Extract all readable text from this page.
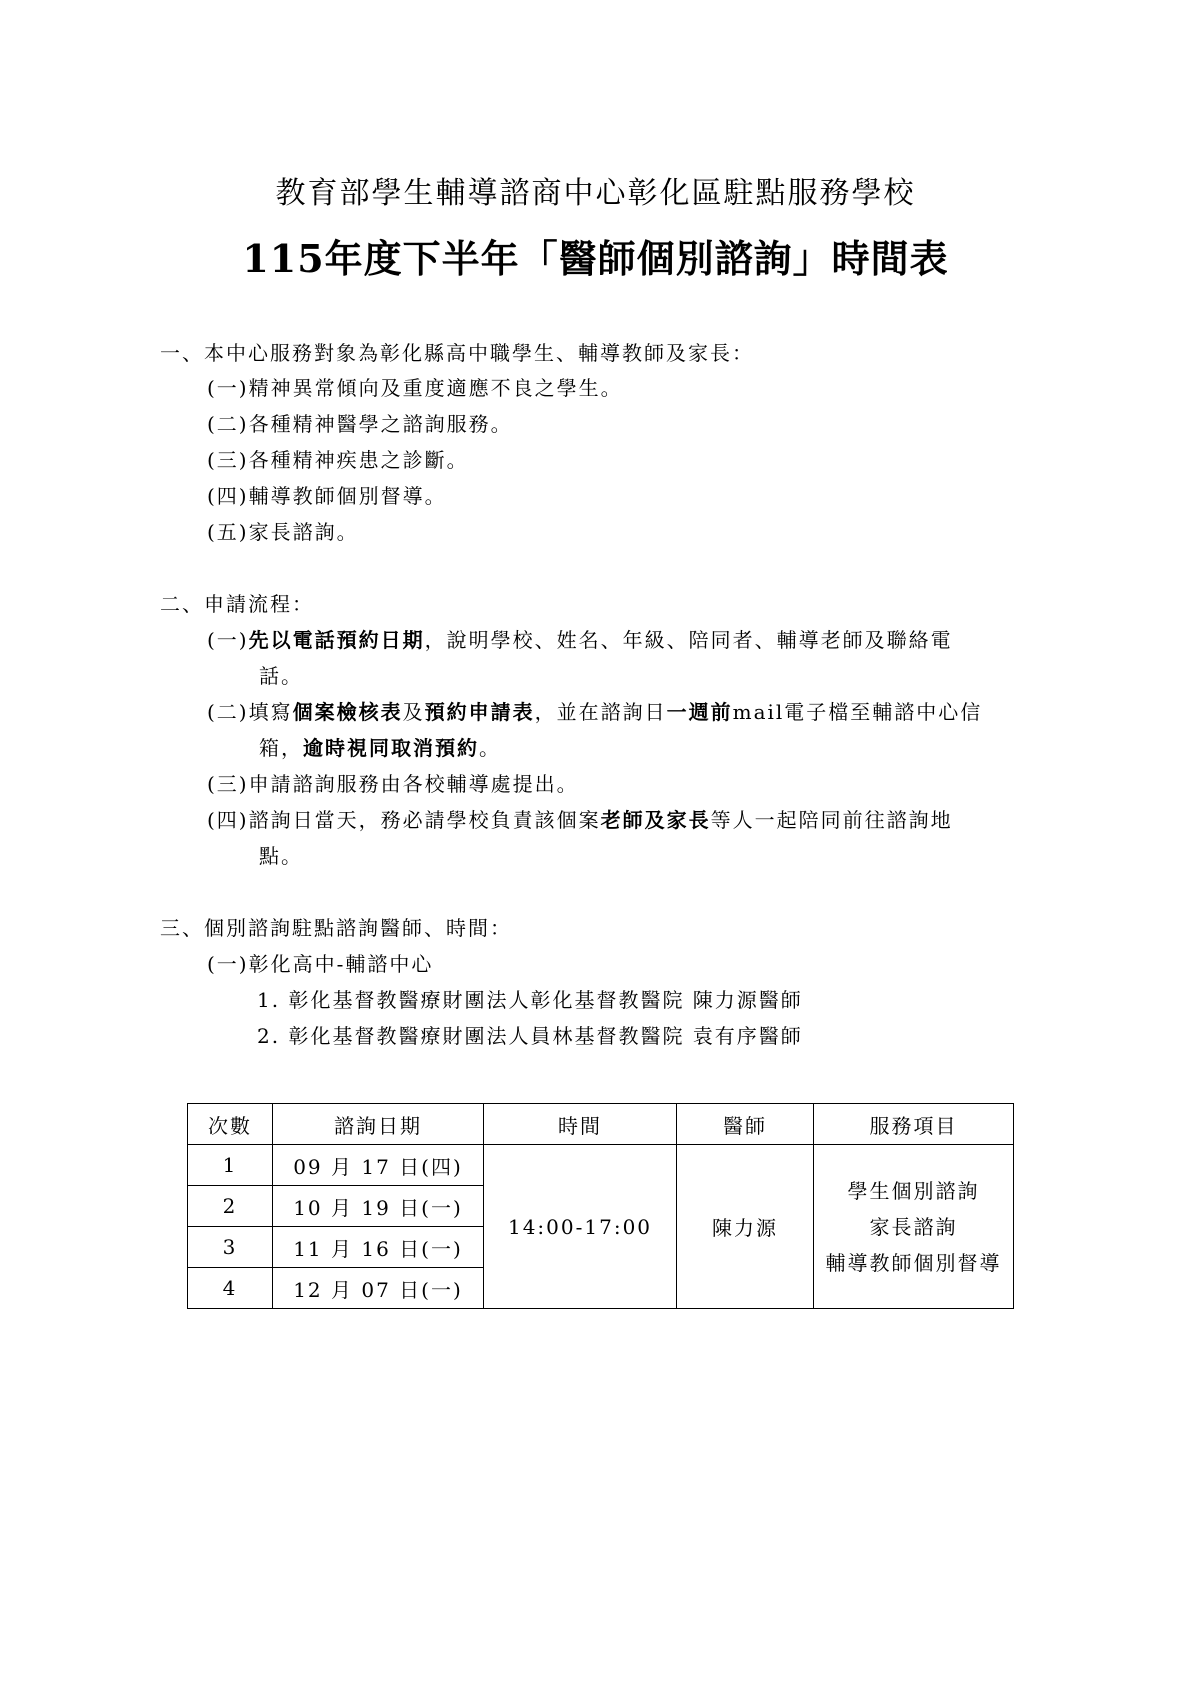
教育部學生輔導諮商中心彰化區駐點服務學校
115年度下半年「醫師個別諮詢」時間表
一、本中心服務對象為彰化縣高中職學生、輔導教師及家長：
(一)精神異常傾向及重度適應不良之學生。
(二)各種精神醫學之諮詢服務。
(三)各種精神疾患之診斷。
(四)輔導教師個別督導。
(五)家長諮詢。
二、申請流程：
(一)先以電話預約日期，說明學校、姓名、年級、陪同者、輔導老師及聯絡電
話。
(二)填寫個案檢核表及預約申請表，並在諮詢日一週前mail電子檔至輔諮中心信
箱，逾時視同取消預約。
(三)申請諮詢服務由各校輔導處提出。
(四)諮詢日當天，務必請學校負責該個案老師及家長等人一起陪同前往諮詢地
點。
三、個別諮詢駐點諮詢醫師、時間：
(一)彰化高中-輔諮中心
1. 彰化基督教醫療財團法人彰化基督教醫院 陳力源醫師
2. 彰化基督教醫療財團法人員林基督教醫院 袁有序醫師
次數	諮詢日期	時間	醫師	服務項目
1	09 月 17 日(四)	14:00-17:00	陳力源	學生個別諮詢
家長諮詢
輔導教師個別督導

2	10 月 19 日(一)			
3	11 月 16 日(一)			
4	12 月 07 日(一)			
